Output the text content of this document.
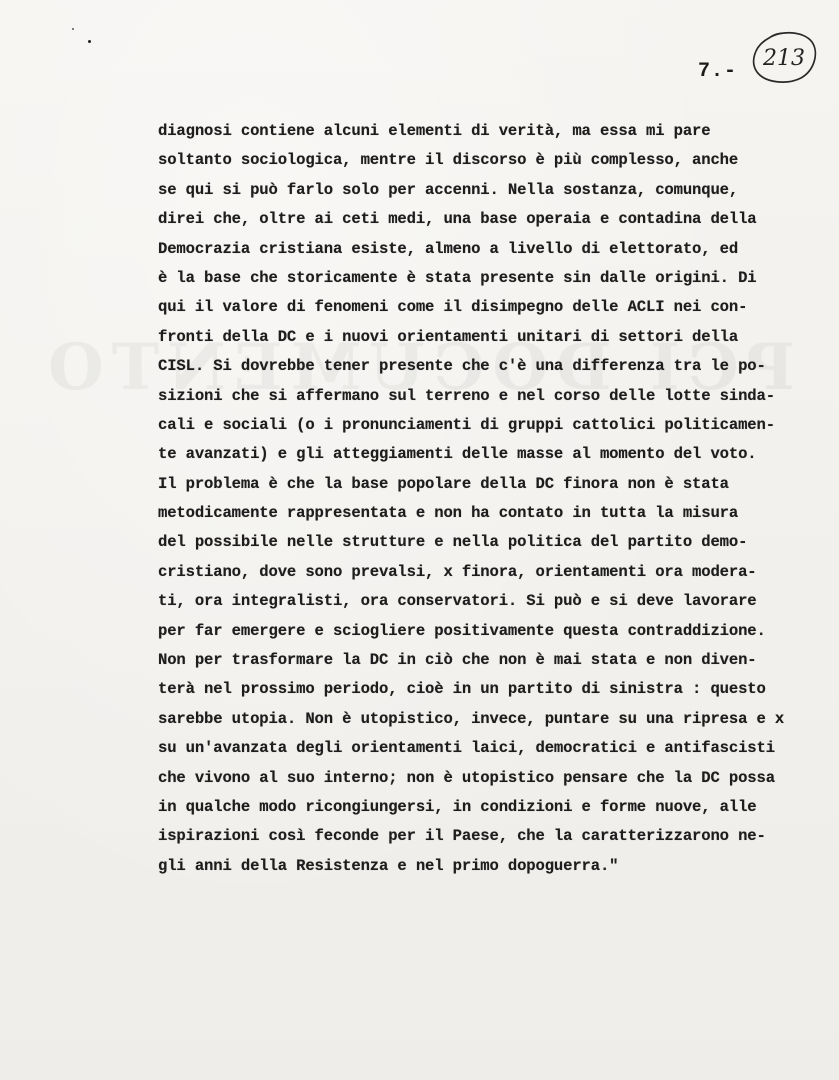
7.-
213
diagnosi contiene alcuni elementi di verità, ma essa mi pare
soltanto sociologica, mentre il discorso è più complesso, anche
se qui si può farlo solo per accenni. Nella sostanza, comunque,
direi che, oltre ai ceti medi, una base operaia e contadina della
Democrazia cristiana esiste, almeno a livello di elettorato, ed
è la base che storicamente è stata presente sin dalle origini. Di
qui il valore di fenomeni come il disimpegno delle ACLI nei con-
fronti della DC e i nuovi orientamenti unitari di settori della
CISL. Si dovrebbe tener presente che c'è una differenza tra le po-
sizioni che si affermano sul terreno e nel corso delle lotte sinda-
cali e sociali (o i pronunciamenti di gruppi cattolici politicamen-
te avanzati) e gli atteggiamenti delle masse al momento del voto.
Il problema è che la base popolare della DC finora non è stata
metodicamente rappresentata e non ha contato in tutta la misura
del possibile nelle strutture e nella politica del partito demo-
cristiano, dove sono prevalsi, x finora, orientamenti ora modera-
ti, ora integralisti, ora conservatori. Si può e si deve lavorare
per far emergere e sciogliere positivamente questa contraddizione.
Non per trasformare la DC in ciò che non è mai stata e non diven-
terà nel prossimo periodo, cioè in un partito di sinistra : questo
sarebbe utopia. Non è utopistico, invece, puntare su una ripresa e x
su un'avanzata degli orientamenti laici, democratici e antifascisti
che vivono al suo interno; non è utopistico pensare che la DC possa
in qualche modo ricongiungersi, in condizioni e forme nuove, alle
ispirazioni così feconde per il Paese, che la caratterizzarono ne-
gli anni della Resistenza e nel primo dopoguerra."
